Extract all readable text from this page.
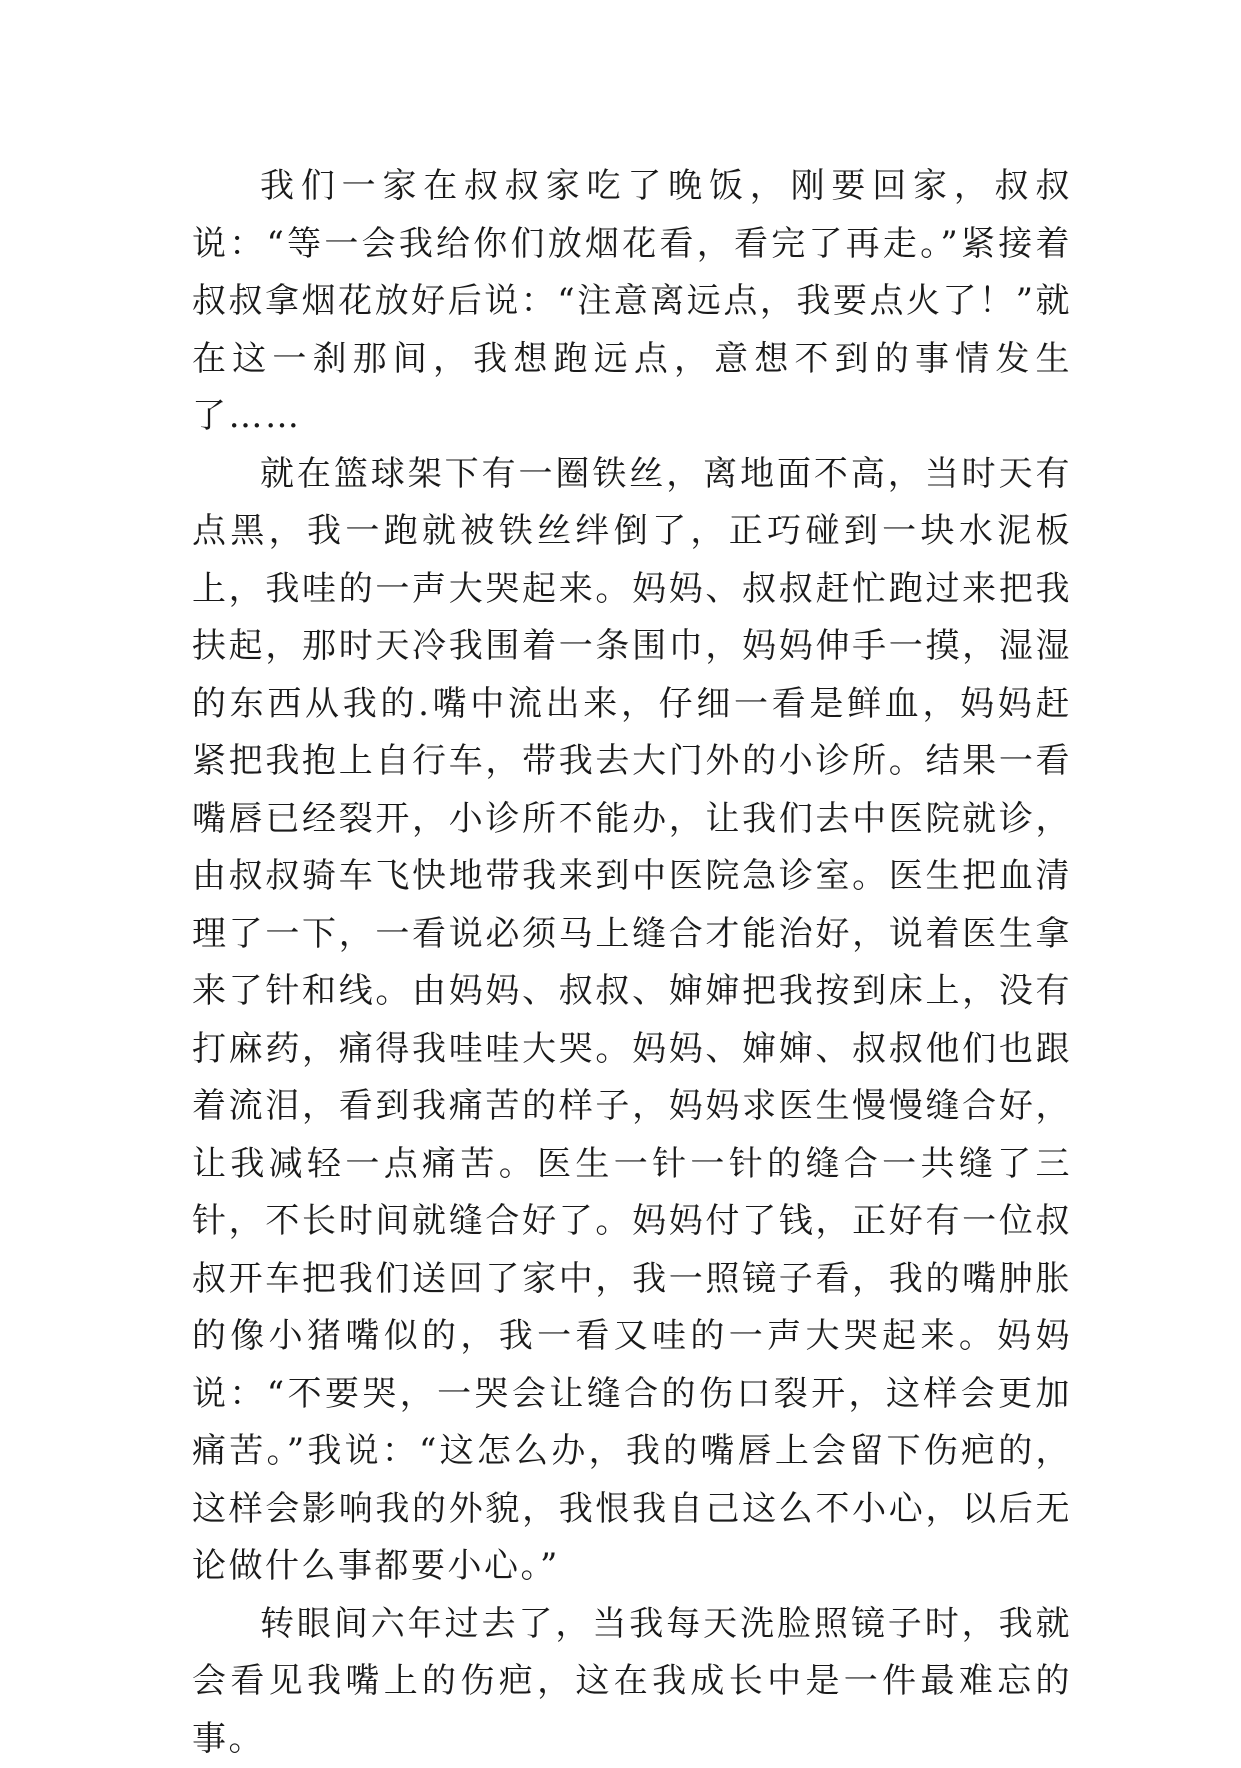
我们一家在叔叔家吃了晚饭，刚要回家，叔叔说：“等一会我给你们放烟花看，看完了再走。”紧接着叔叔拿烟花放好后说：“注意离远点，我要点火了！”就在这一刹那间，我想跑远点，意想不到的事情发生了……

就在篮球架下有一圈铁丝，离地面不高，当时天有点黑，我一跑就被铁丝绊倒了，正巧碰到一块水泥板上，我哇的一声大哭起来。妈妈、叔叔赶忙跑过来把我扶起，那时天冷我围着一条围巾，妈妈伸手一摸，湿湿的东西从我的.嘴中流出来，仔细一看是鲜血，妈妈赶紧把我抱上自行车，带我去大门外的小诊所。结果一看嘴唇已经裂开，小诊所不能办，让我们去中医院就诊，由叔叔骑车飞快地带我来到中医院急诊室。医生把血清理了一下，一看说必须马上缝合才能治好，说着医生拿来了针和线。由妈妈、叔叔、婶婶把我按到床上，没有打麻药，痛得我哇哇大哭。妈妈、婶婶、叔叔他们也跟着流泪，看到我痛苦的样子，妈妈求医生慢慢缝合好，让我减轻一点痛苦。医生一针一针的缝合一共缝了三针，不长时间就缝合好了。妈妈付了钱，正好有一位叔叔开车把我们送回了家中，我一照镜子看，我的嘴肿胀的像小猪嘴似的，我一看又哇的一声大哭起来。妈妈说：“不要哭，一哭会让缝合的伤口裂开，这样会更加痛苦。”我说：“这怎么办，我的嘴唇上会留下伤疤的，这样会影响我的外貌，我恨我自己这么不小心，以后无论做什么事都要小心。”

转眼间六年过去了，当我每天洗脸照镜子时，我就会看见我嘴上的伤疤，这在我成长中是一件最难忘的事。
